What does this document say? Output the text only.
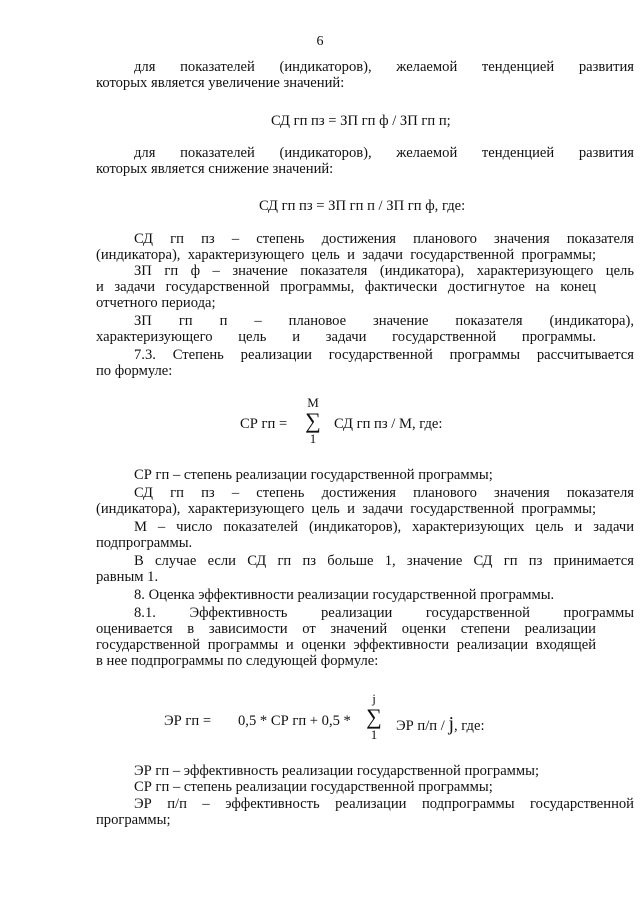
6
для показателей (индикаторов), желаемой тенденцией развития
которых является увеличение значений:
СД гп пз = ЗП гп ф / ЗП гп п;
для показателей (индикаторов), желаемой тенденцией развития
которых является снижение значений:
СД гп пз = ЗП гп п / ЗП гп ф, где:
СД гп пз – степень достижения планового значения показателя
(индикатора), характеризующего цель и задачи государственной программы;
ЗП гп ф – значение показателя (индикатора), характеризующего цель
и задачи государственной программы, фактически достигнутое на конец
отчетного периода;
ЗП гп п – плановое значение показателя (индикатора),
характеризующего цель и задачи государственной программы.
7.3. Степень реализации государственной программы рассчитывается
по формуле:
СР гп =
M
∑
1
СД гп пз / М, где:
СР гп – степень реализации государственной программы;
СД гп пз – степень достижения планового значения показателя
(индикатора), характеризующего цель и задачи государственной программы;
М – число показателей (индикаторов), характеризующих цель и задачи
подпрограммы.
В случае если СД гп пз больше 1, значение СД гп пз принимается
равным 1.
8. Оценка эффективности реализации государственной программы.
8.1. Эффективность реализации государственной программы
оценивается в зависимости от значений оценки степени реализации
государственной программы и оценки эффективности реализации входящей
в нее подпрограммы по следующей формуле:
ЭР гп = 0,5 * СР гп + 0,5 *
j
∑
1
ЭР п/п / j, где:
ЭР гп – эффективность реализации государственной программы;
СР гп – степень реализации государственной программы;
ЭР п/п – эффективность реализации подпрограммы государственной
программы;
